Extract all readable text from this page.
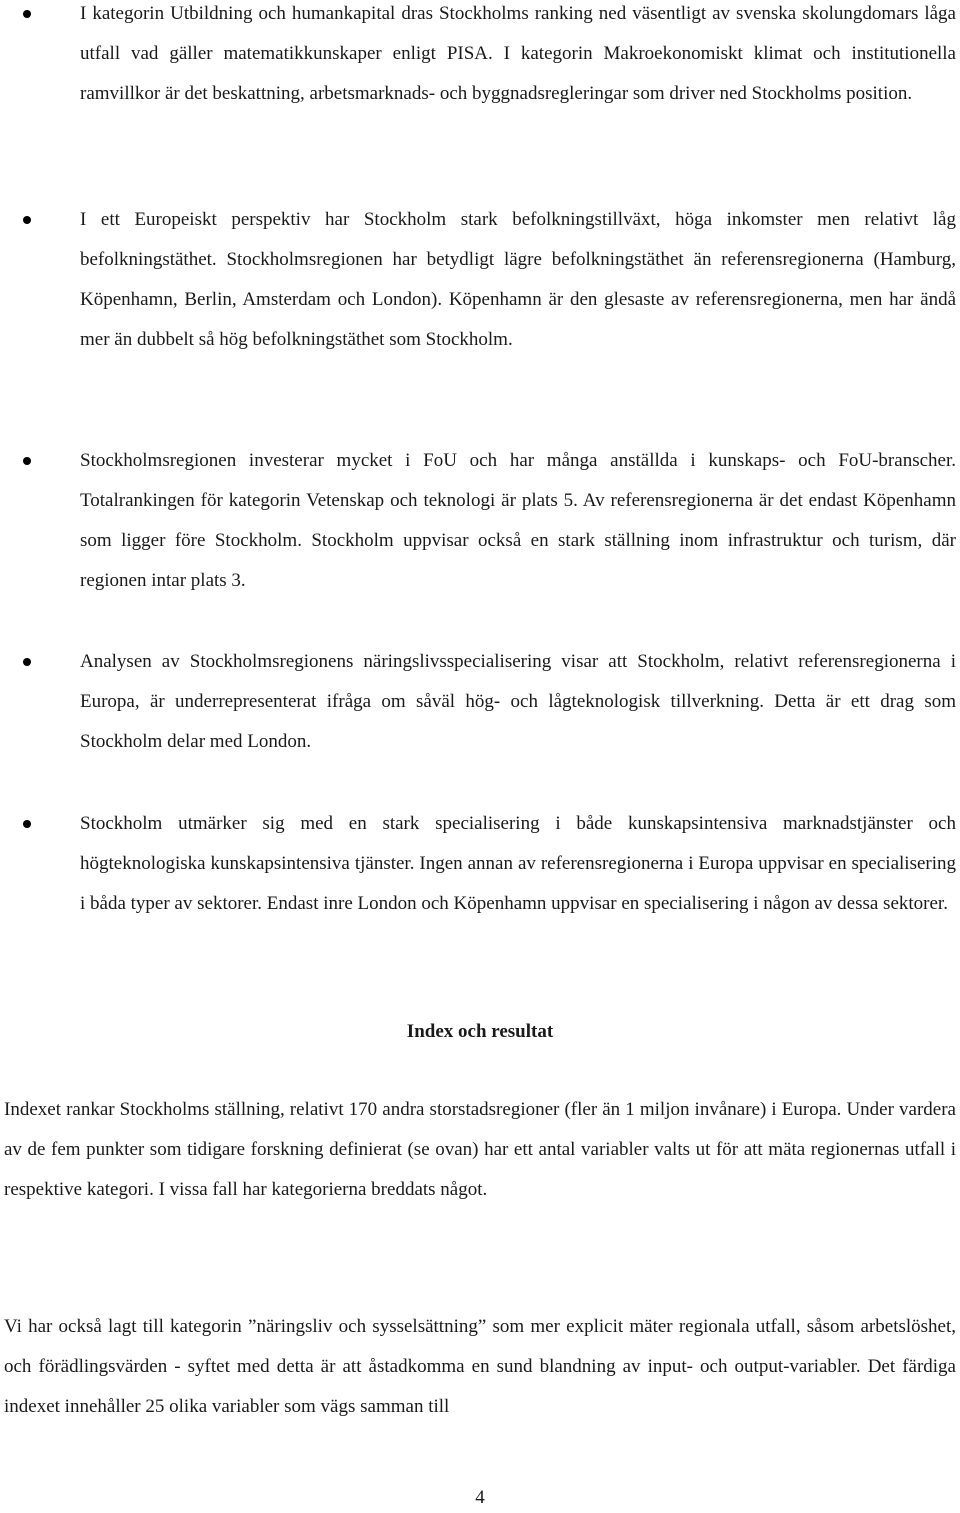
I kategorin Utbildning och humankapital dras Stockholms ranking ned väsentligt av svenska skolungdomars låga utfall vad gäller matematikkunskaper enligt PISA. I kategorin Makroekonomiskt klimat och institutionella ramvillkor är det beskattning, arbetsmarknads- och byggnadsregleringar som driver ned Stockholms position.
I ett Europeiskt perspektiv har Stockholm stark befolkningstillväxt, höga inkomster men relativt låg befolkningstäthet. Stockholmsregionen har betydligt lägre befolkningstäthet än referensregionerna (Hamburg, Köpenhamn, Berlin, Amsterdam och London). Köpenhamn är den glesaste av referensregionerna, men har ändå mer än dubbelt så hög befolkningstäthet som Stockholm.
Stockholmsregionen investerar mycket i FoU och har många anställda i kunskaps- och FoU-branscher. Totalrankingen för kategorin Vetenskap och teknologi är plats 5. Av referensregionerna är det endast Köpenhamn som ligger före Stockholm. Stockholm uppvisar också en stark ställning inom infrastruktur och turism, där regionen intar plats 3.
Analysen av Stockholmsregionens näringslivsspecialisering visar att Stockholm, relativt referensregionerna i Europa, är underrepresenterat ifråga om såväl hög- och lågteknologisk tillverkning. Detta är ett drag som Stockholm delar med London.
Stockholm utmärker sig med en stark specialisering i både kunskapsintensiva marknadstjänster och högteknologiska kunskapsintensiva tjänster. Ingen annan av referensregionerna i Europa uppvisar en specialisering i båda typer av sektorer. Endast inre London och Köpenhamn uppvisar en specialisering i någon av dessa sektorer.
Index och resultat

Indexet rankar Stockholms ställning, relativt 170 andra storstadsregioner (fler än 1 miljon invånare) i Europa. Under vardera av de fem punkter som tidigare forskning definierat (se ovan) har ett antal variabler valts ut för att mäta regionernas utfall i respektive kategori. I vissa fall har kategorierna breddats något.

Vi har också lagt till kategorin ”näringsliv och sysselsättning” som mer explicit mäter regionala utfall, såsom arbetslöshet, och förädlingsvärden - syftet med detta är att åstadkomma en sund blandning av input- och output-variabler. Det färdiga indexet innehåller 25 olika variabler som vägs samman till

4
